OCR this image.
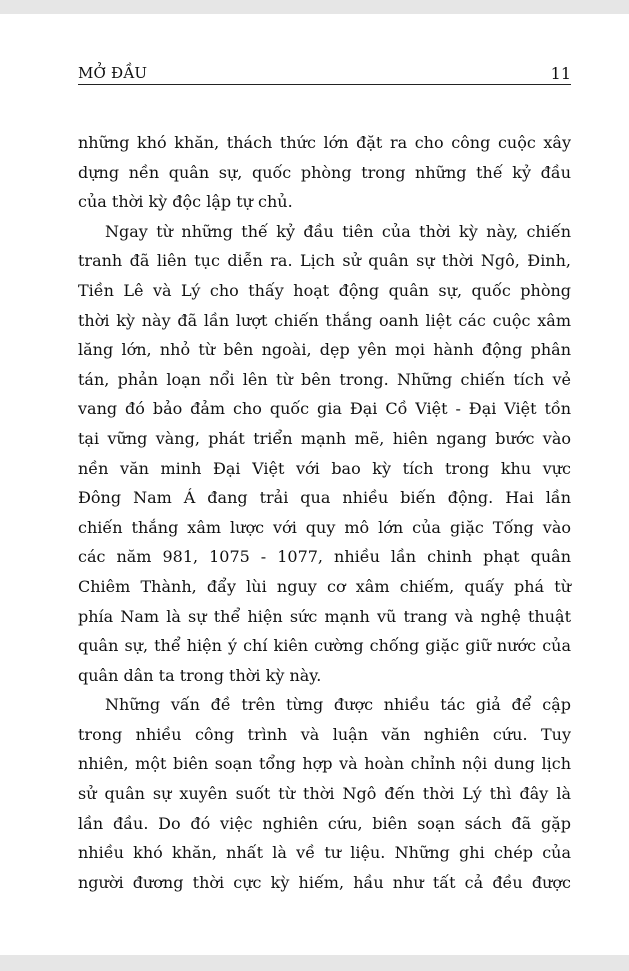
MỞ ĐẦU	11

những khó khăn, thách thức lớn đặt ra cho công cuộc xây
dựng nền quân sự, quốc phòng trong những thế kỷ đầu
của thời kỳ độc lập tự chủ.

Ngay từ những thế kỷ đầu tiên của thời kỳ này, chiến
tranh đã liên tục diễn ra. Lịch sử quân sự thời Ngô, Đinh,
Tiền Lê và Lý cho thấy hoạt động quân sự, quốc phòng
thời kỳ này đã lần lượt chiến thắng oanh liệt các cuộc xâm
lăng lớn, nhỏ từ bên ngoài, dẹp yên mọi hành động phân
tán, phản loạn nổi lên từ bên trong. Những chiến tích vẻ
vang đó bảo đảm cho quốc gia Đại Cồ Việt - Đại Việt tồn
tại vững vàng, phát triển mạnh mẽ, hiên ngang bước vào
nền văn minh Đại Việt với bao kỳ tích trong khu vực
Đông Nam Á đang trải qua nhiều biến động. Hai lần
chiến thắng xâm lược với quy mô lớn của giặc Tống vào
các năm 981, 1075 - 1077, nhiều lần chinh phạt quân
Chiêm Thành, đẩy lùi nguy cơ xâm chiếm, quấy phá từ
phía Nam là sự thể hiện sức mạnh vũ trang và nghệ thuật
quân sự, thể hiện ý chí kiên cường chống giặc giữ nước của
quân dân ta trong thời kỳ này.

Những vấn đề trên từng được nhiều tác giả để cập
trong nhiều công trình và luận văn nghiên cứu. Tuy
nhiên, một biên soạn tổng hợp và hoàn chỉnh nội dung lịch
sử quân sự xuyên suốt từ thời Ngô đến thời Lý thì đây là
lần đầu. Do đó việc nghiên cứu, biên soạn sách đã gặp
nhiều khó khăn, nhất là về tư liệu. Những ghi chép của
người đương thời cực kỳ hiếm, hầu như tất cả đều được
